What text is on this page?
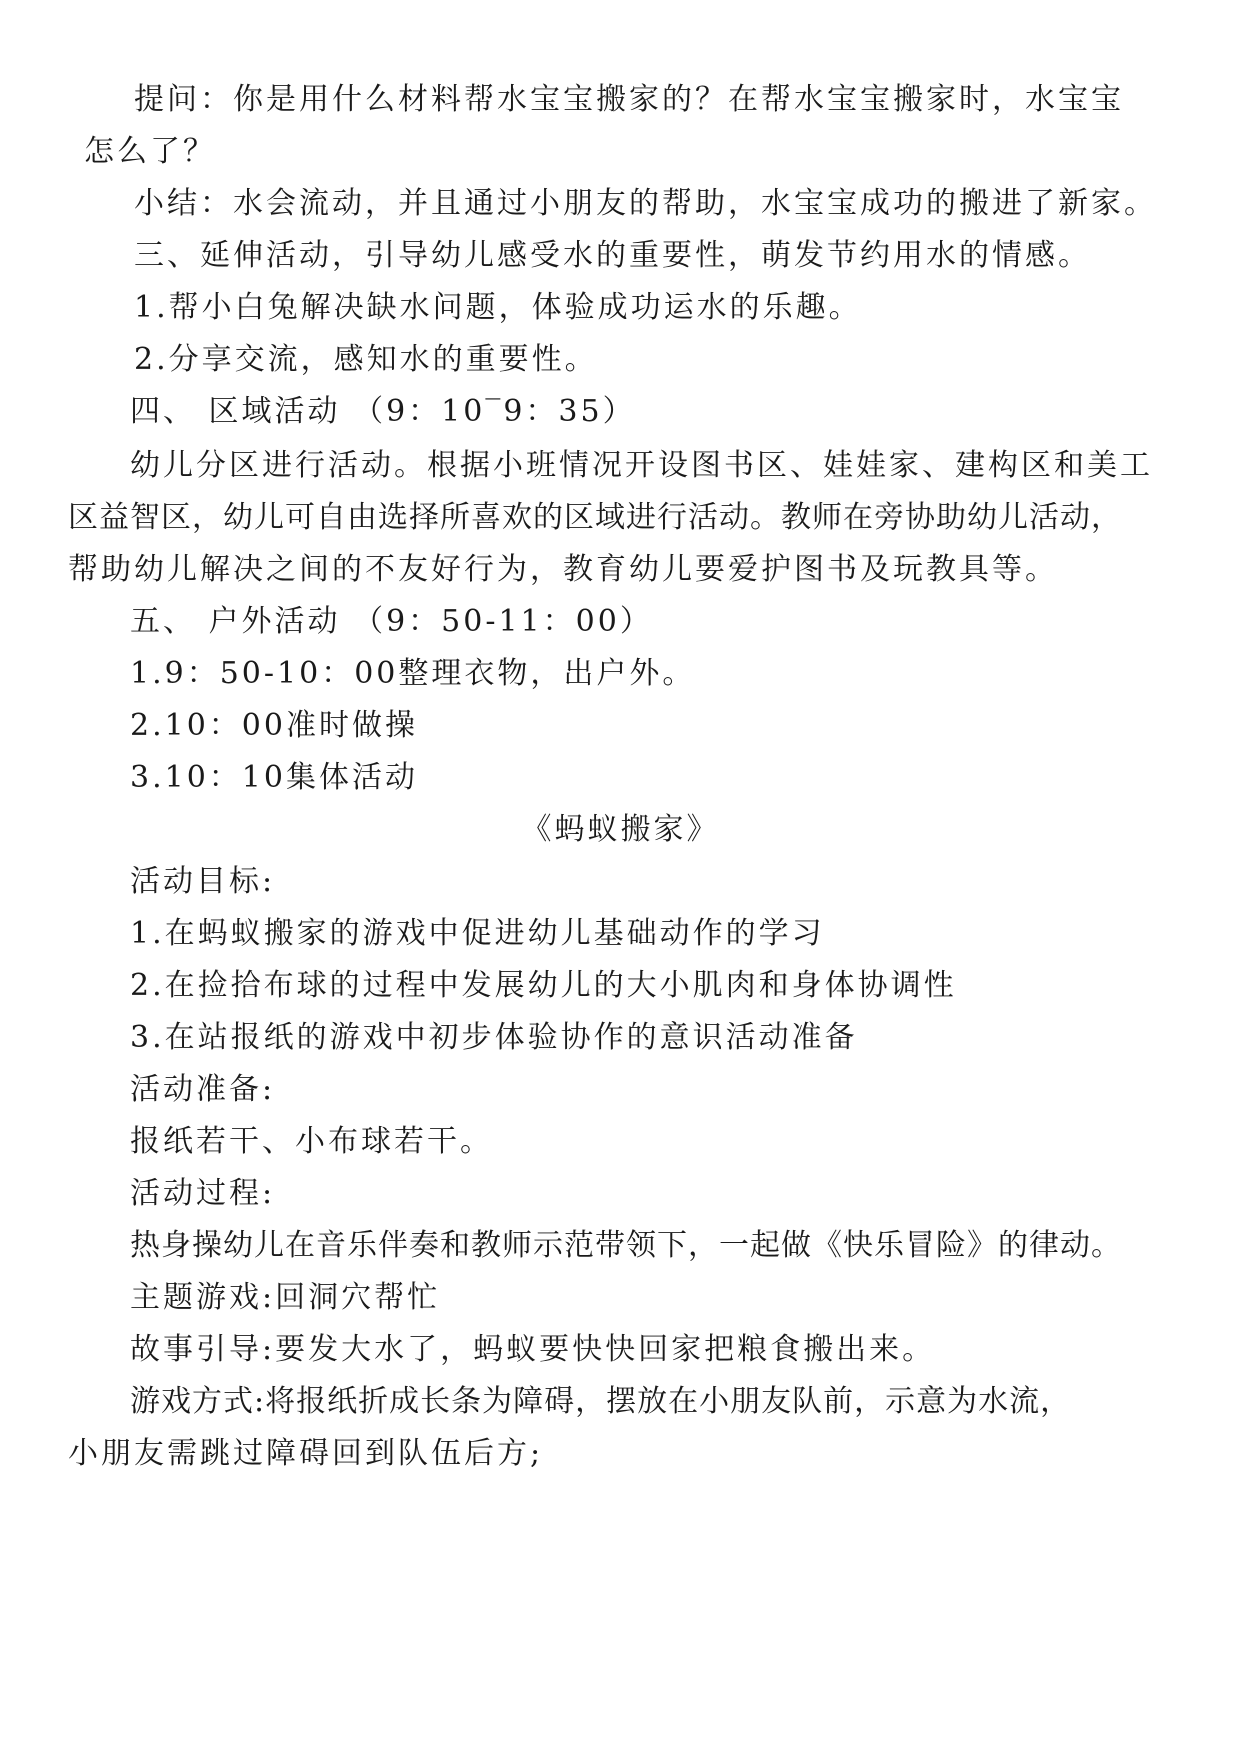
提问：你是用什么材料帮水宝宝搬家的？在帮水宝宝搬家时，水宝宝
怎么了？
小结：水会流动，并且通过小朋友的帮助，水宝宝成功的搬进了新家。
三、延伸活动，引导幼儿感受水的重要性，萌发节约用水的情感。
1.帮小白兔解决缺水问题，体验成功运水的乐趣。
2.分享交流，感知水的重要性。
四、 区域活动 （9：10‾9：35）
幼儿分区进行活动。根据小班情况开设图书区、娃娃家、建构区和美工
区益智区，幼儿可自由选择所喜欢的区域进行活动。教师在旁协助幼儿活动，
帮助幼儿解决之间的不友好行为，教育幼儿要爱护图书及玩教具等。
五、 户外活动 （9：50-11：00）
1.9：50-10：00整理衣物，出户外。
2.10：00准时做操
3.10：10集体活动
《蚂蚁搬家》
活动目标:
1.在蚂蚁搬家的游戏中促进幼儿基础动作的学习
2.在捡拾布球的过程中发展幼儿的大小肌肉和身体协调性
3.在站报纸的游戏中初步体验协作的意识活动准备
活动准备:
报纸若干、小布球若干。
活动过程:
热身操幼儿在音乐伴奏和教师示范带领下，一起做《快乐冒险》的律动。
主题游戏:回洞穴帮忙
故事引导:要发大水了，蚂蚁要快快回家把粮食搬出来。
游戏方式:将报纸折成长条为障碍，摆放在小朋友队前，示意为水流，
小朋友需跳过障碍回到队伍后方;
